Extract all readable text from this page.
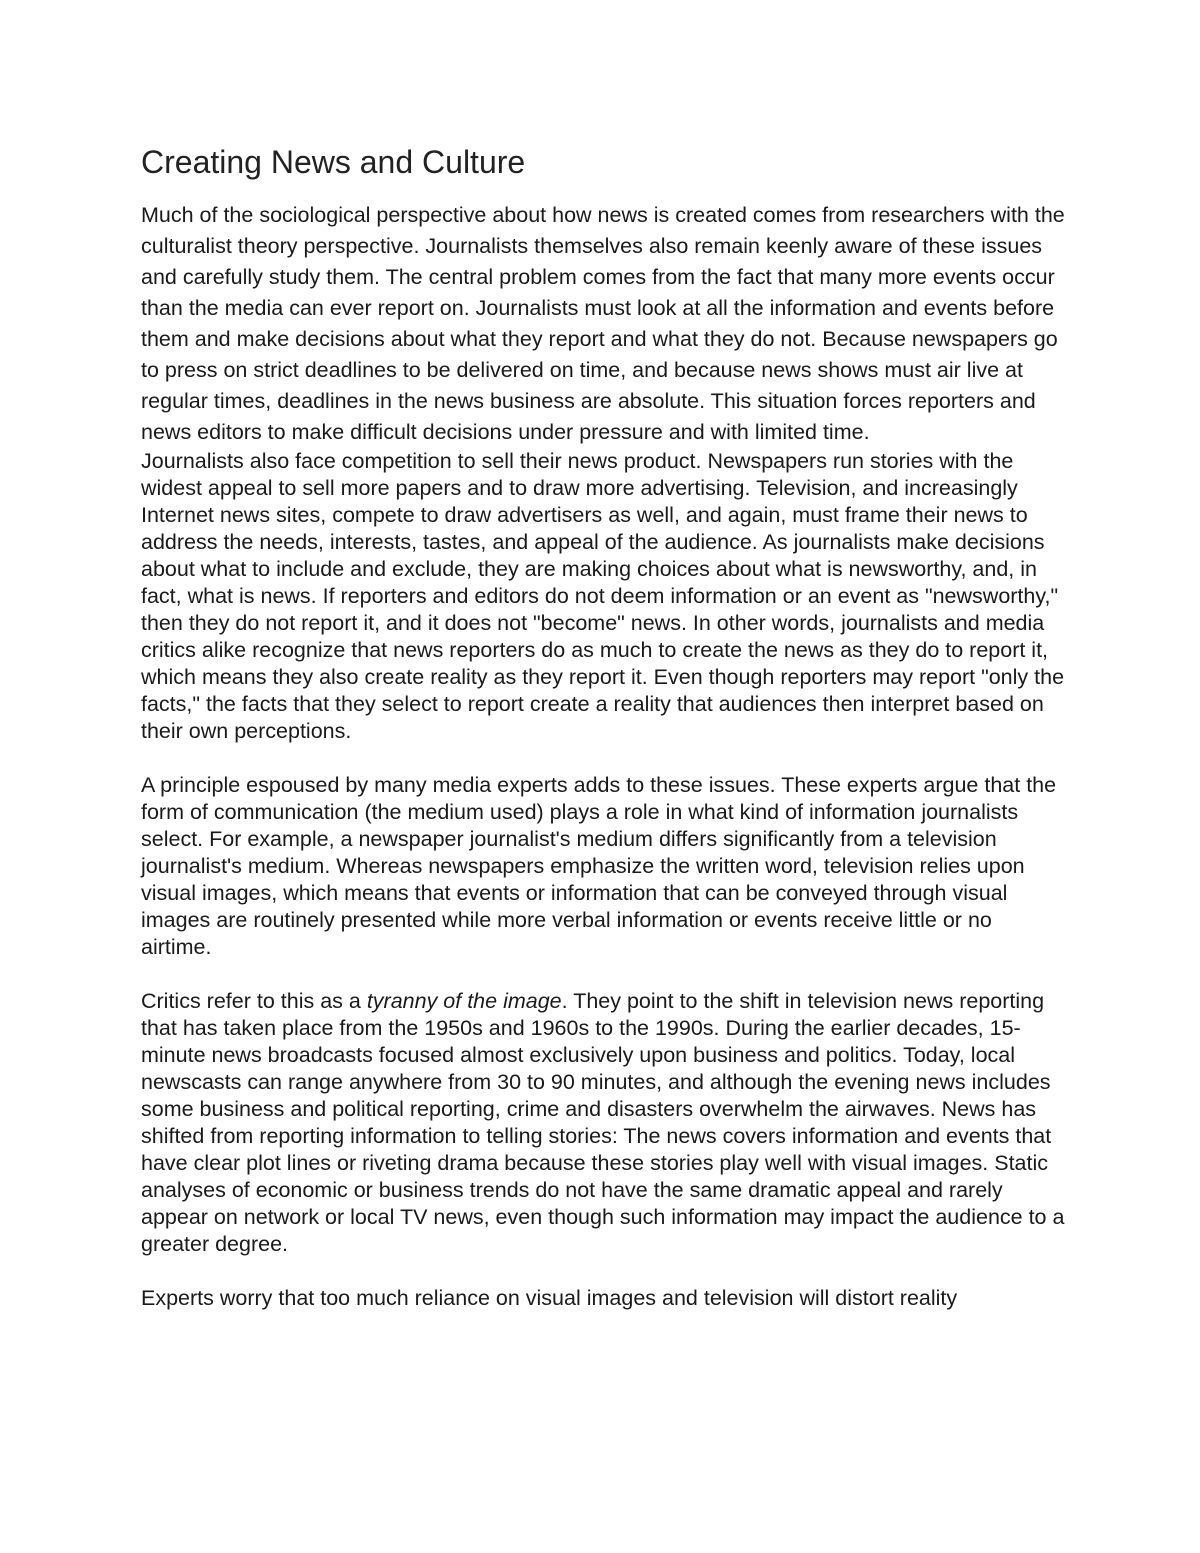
Creating News and Culture

Much of the sociological perspective about how news is created comes from researchers with the culturalist theory perspective. Journalists themselves also remain keenly aware of these issues and carefully study them. The central problem comes from the fact that many more events occur than the media can ever report on. Journalists must look at all the information and events before them and make decisions about what they report and what they do not. Because newspapers go to press on strict deadlines to be delivered on time, and because news shows must air live at regular times, deadlines in the news business are absolute. This situation forces reporters and news editors to make difficult decisions under pressure and with limited time.

Journalists also face competition to sell their news product. Newspapers run stories with the widest appeal to sell more papers and to draw more advertising. Television, and increasingly Internet news sites, compete to draw advertisers as well, and again, must frame their news to address the needs, interests, tastes, and appeal of the audience. As journalists make decisions about what to include and exclude, they are making choices about what is newsworthy, and, in fact, what is news. If reporters and editors do not deem information or an event as "newsworthy," then they do not report it, and it does not "become" news. In other words, journalists and media critics alike recognize that news reporters do as much to create the news as they do to report it, which means they also create reality as they report it. Even though reporters may report "only the facts," the facts that they select to report create a reality that audiences then interpret based on their own perceptions.

A principle espoused by many media experts adds to these issues. These experts argue that the form of communication (the medium used) plays a role in what kind of information journalists select. For example, a newspaper journalist's medium differs significantly from a television journalist's medium. Whereas newspapers emphasize the written word, television relies upon visual images, which means that events or information that can be conveyed through visual images are routinely presented while more verbal information or events receive little or no airtime.

Critics refer to this as a tyranny of the image. They point to the shift in television news reporting that has taken place from the 1950s and 1960s to the 1990s. During the earlier decades, 15-minute news broadcasts focused almost exclusively upon business and politics. Today, local newscasts can range anywhere from 30 to 90 minutes, and although the evening news includes some business and political reporting, crime and disasters overwhelm the airwaves. News has shifted from reporting information to telling stories: The news covers information and events that have clear plot lines or riveting drama because these stories play well with visual images. Static analyses of economic or business trends do not have the same dramatic appeal and rarely appear on network or local TV news, even though such information may impact the audience to a greater degree.

Experts worry that too much reliance on visual images and television will distort reality
